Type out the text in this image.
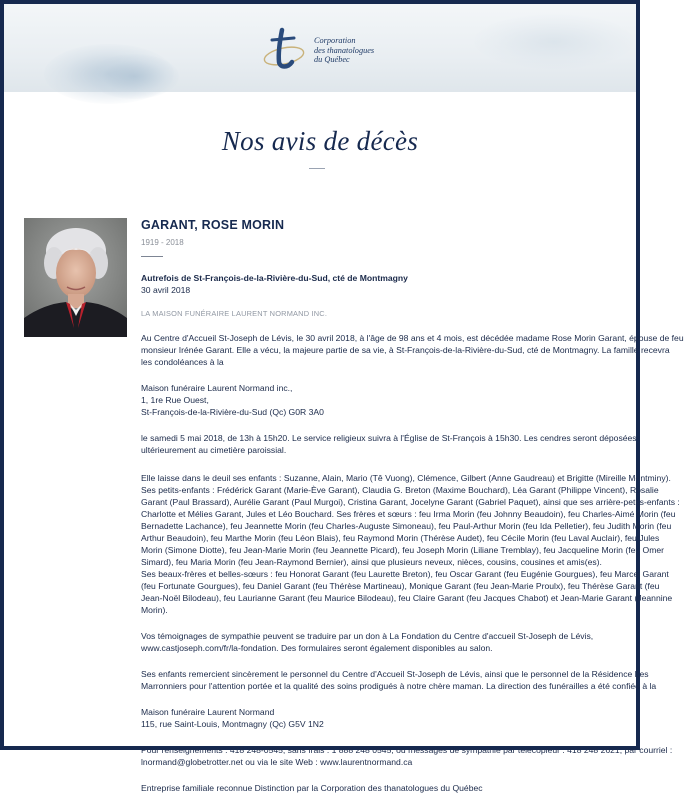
Corporation
des thanatologues
du Québec
Nos avis de décès
GARANT, ROSE MORIN
1919 - 2018
Autrefois de St-François-de-la-Rivière-du-Sud, cté de Montmagny
30 avril 2018
LA MAISON FUNÉRAIRE LAURENT NORMAND INC.
Au Centre d'Accueil St-Joseph de Lévis, le 30 avril 2018, à l'âge de 98 ans et 4 mois, est décédée madame Rose Morin Garant, épouse de feu
monsieur Irénée Garant. Elle a vécu, la majeure partie de sa vie, à St-François-de-la-Rivière-du-Sud, cté de Montmagny. La famille recevra
les condoléances à la
Maison funéraire Laurent Normand inc.,
1, 1re Rue Ouest,
St-François-de-la-Rivière-du-Sud (Qc) G0R 3A0
le samedi 5 mai 2018, de 13h à 15h20. Le service religieux suivra à l'Église de St-François à 15h30. Les cendres seront déposées
ultérieurement au cimetière paroissial.
Elle laisse dans le deuil ses enfants : Suzanne, Alain, Mario (Tê Vuong), Clémence, Gilbert (Anne Gaudreau) et Brigitte (Mireille Montminy).
Ses petits-enfants : Frédérick Garant (Marie-Ève Garant), Claudia G. Breton (Maxime Bouchard), Léa Garant (Philippe Vincent), Rosalie
Garant (Paul Brassard), Aurélie Garant (Paul Murgoi), Cristina Garant, Jocelyne Garant (Gabriel Paquet), ainsi que ses arrière-petits-enfants :
Charlotte et Mélies Garant, Jules et Léo Bouchard. Ses frères et sœurs : feu Irma Morin (feu Johnny Beaudoin), feu Charles-Aimé Morin (feu
Bernadette Lachance), feu Jeannette Morin (feu Charles-Auguste Simoneau), feu Paul-Arthur Morin (feu Ida Pelletier), feu Judith Morin (feu
Arthur Beaudoin), feu Marthe Morin (feu Léon Blais), feu Raymond Morin (Thérèse Audet), feu Cécile Morin (feu Laval Auclair), feu Jules
Morin (Simone Diotte), feu Jean-Marie Morin (feu Jeannette Picard), feu Joseph Morin (Liliane Tremblay), feu Jacqueline Morin (feu Omer
Simard), feu Maria Morin (feu Jean-Raymond Bernier), ainsi que plusieurs neveux, nièces, cousins, cousines et amis(es).
Ses beaux-frères et belles-sœurs : feu Honorat Garant (feu Laurette Breton), feu Oscar Garant (feu Eugénie Gourgues), feu Marcel Garant
(feu Fortunate Gourgues), feu Daniel Garant (feu Thérèse Martineau), Monique Garant (feu Jean-Marie Proulx), feu Thérèse Garant (feu
Jean-Noël Bilodeau), feu Laurianne Garant (feu Maurice Bilodeau), feu Claire Garant (feu Jacques Chabot) et Jean-Marie Garant (Jeannine
Morin).
Vos témoignages de sympathie peuvent se traduire par un don à La Fondation du Centre d'accueil St-Joseph de Lévis,
www.castjoseph.com/fr/la-fondation. Des formulaires seront également disponibles au salon.
Ses enfants remercient sincèrement le personnel du Centre d'Accueil St-Joseph de Lévis, ainsi que le personnel de la Résidence Les
Marronniers pour l'attention portée et la qualité des soins prodigués à notre chère maman. La direction des funérailles a été confiée à la
Maison funéraire Laurent Normand
115, rue Saint-Louis, Montmagny (Qc) G5V 1N2
Pour renseignements : 418 248-0545, sans frais : 1 888 248 0545, ou messages de sympathie par télécopieur : 418 248 2621, par courriel :
lnormand@globetrotter.net ou via le site Web : www.laurentnormand.ca
Entreprise familiale reconnue Distinction par la Corporation des thanatologues du Québec
